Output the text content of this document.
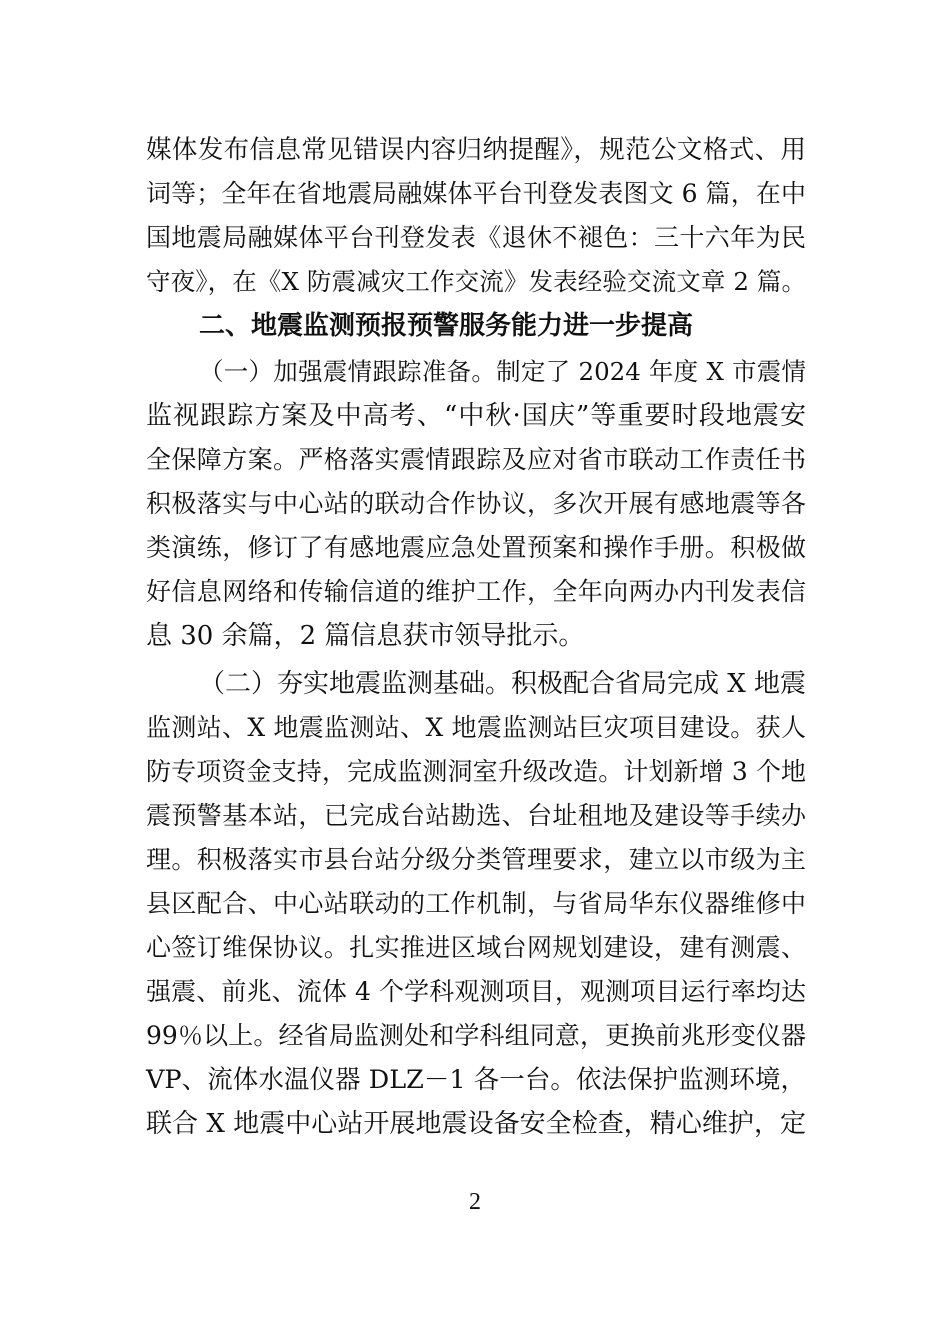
媒体发布信息常见错误内容归纳提醒》，规范公文格式、用
词等；全年在省地震局融媒体平台刊登发表图文 6 篇，在中
国地震局融媒体平台刊登发表《退休不褪色：三十六年为民
守夜》，在《X 防震减灾工作交流》发表经验交流文章 2 篇。
二、地震监测预报预警服务能力进一步提高
（一）加强震情跟踪准备。制定了 2024 年度 X 市震情
监视跟踪方案及中高考、“中秋·国庆”等重要时段地震安
全保障方案。严格落实震情跟踪及应对省市联动工作责任书
积极落实与中心站的联动合作协议，多次开展有感地震等各
类演练，修订了有感地震应急处置预案和操作手册。积极做
好信息网络和传输信道的维护工作，全年向两办内刊发表信
息 30 余篇，2 篇信息获市领导批示。
（二）夯实地震监测基础。积极配合省局完成 X 地震
监测站、X 地震监测站、X 地震监测站巨灾项目建设。获人
防专项资金支持，完成监测洞室升级改造。计划新增 3 个地
震预警基本站，已完成台站勘选、台址租地及建设等手续办
理。积极落实市县台站分级分类管理要求，建立以市级为主
县区配合、中心站联动的工作机制，与省局华东仪器维修中
心签订维保协议。扎实推进区域台网规划建设，建有测震、
强震、前兆、流体 4 个学科观测项目，观测项目运行率均达
99％以上。经省局监测处和学科组同意，更换前兆形变仪器
VP、流体水温仪器 DLZ－1 各一台。依法保护监测环境，
联合 X 地震中心站开展地震设备安全检查，精心维护，定
2
